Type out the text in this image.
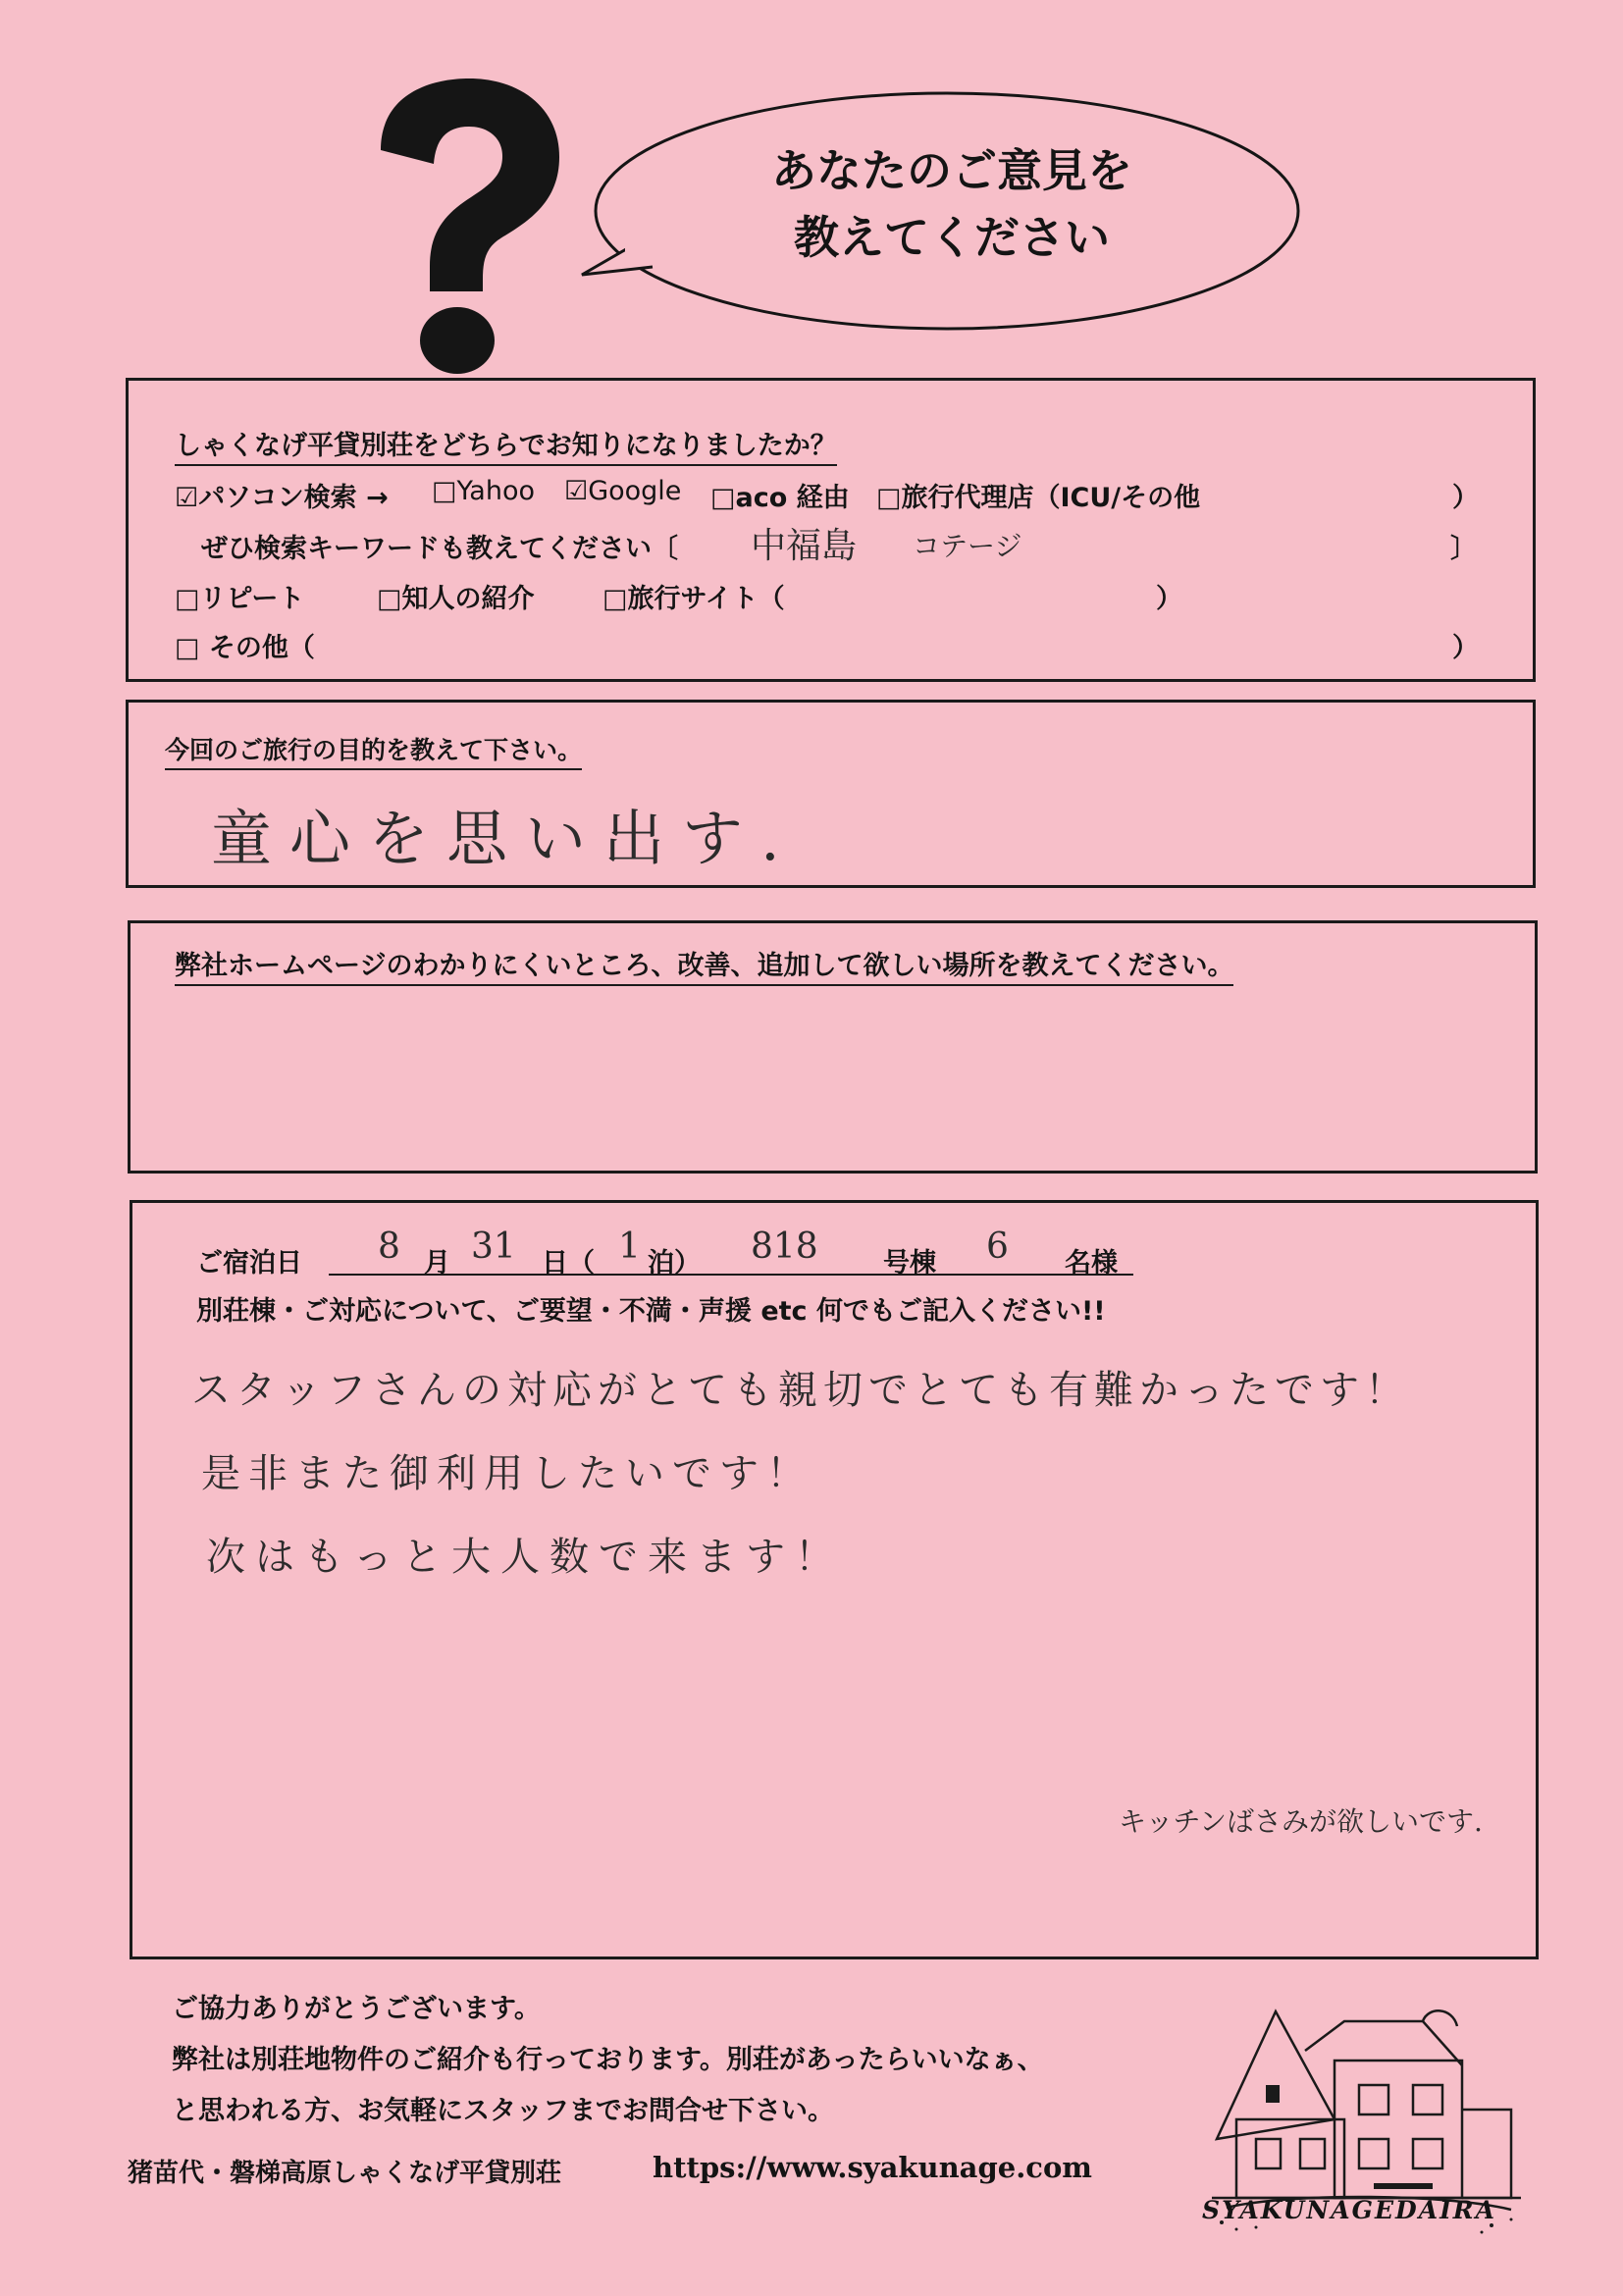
あなたのご意見を
教えてください
しゃくなげ平貸別荘をどちらでお知りになりましたか？
☑パソコン検索 → □Yahoo ☑Google □aco 経由 □旅行代理店（ICU/その他	）
ぜひ検索キーワードも教えてください〔 中福島 コテージ	〕
□リピート	□知人の紹介	□旅行サイト（	）
□ その他（	）
今回のご旅行の目的を教えて下さい。
童心を思い出す.
弊社ホームページのわかりにくいところ、改善、追加して欲しい場所を教えてください。
ご宿泊日 8 月 31 日（ 1 泊） 818 号棟 6 名様
別荘棟・ご対応について、ご要望・不満・声援 etc 何でもご記入ください!!
スタッフさんの対応がとても親切でとても有難かったです！
是非また御利用したいです！
次はもっと大人数で来ます！
キッチンばさみが欲しいです.
ご協力ありがとうございます。
弊社は別荘地物件のご紹介も行っております。別荘があったらいいなぁ、
と思われる方、お気軽にスタッフまでお問合せ下さい。
猪苗代・磐梯高原しゃくなげ平貸別荘	https://www.syakunage.com
SYAKUNAGEDAIRA
